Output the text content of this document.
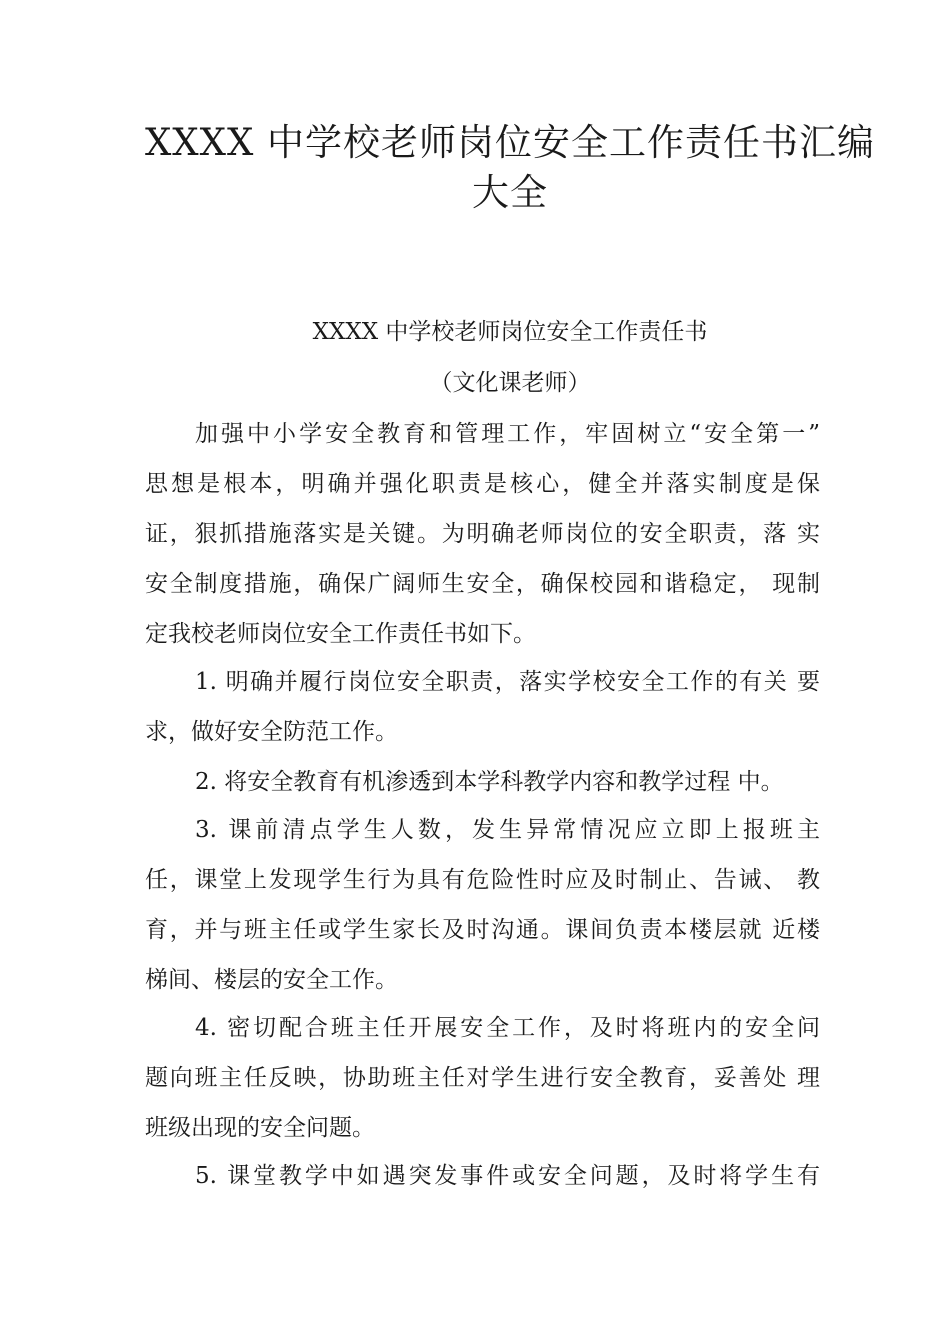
XXXX 中学校老师岗位安全工作责任书汇编
大全
XXXX 中学校老师岗位安全工作责任书
（文化课老师）
加强中小学安全教育和管理工作，牢固树立“安全第一”
思想是根本，明确并强化职责是核心，健全并落实制度是保
证，狠抓措施落实是关键。为明确老师岗位的安全职责，落 实
安全制度措施，确保广阔师生安全，确保校园和谐稳定， 现制
定我校老师岗位安全工作责任书如下。
1. 明确并履行岗位安全职责，落实学校安全工作的有关 要
求，做好安全防范工作。
2. 将安全教育有机渗透到本学科教学内容和教学过程 中。
3. 课前清点学生人数，发生异常情况应立即上报班主
任，课堂上发现学生行为具有危险性时应及时制止、告诫、 教
育，并与班主任或学生家长及时沟通。课间负责本楼层就 近楼
梯间、楼层的安全工作。
4. 密切配合班主任开展安全工作，及时将班内的安全问
题向班主任反映，协助班主任对学生进行安全教育，妥善处 理
班级出现的安全问题。
5. 课堂教学中如遇突发事件或安全问题，及时将学生有
